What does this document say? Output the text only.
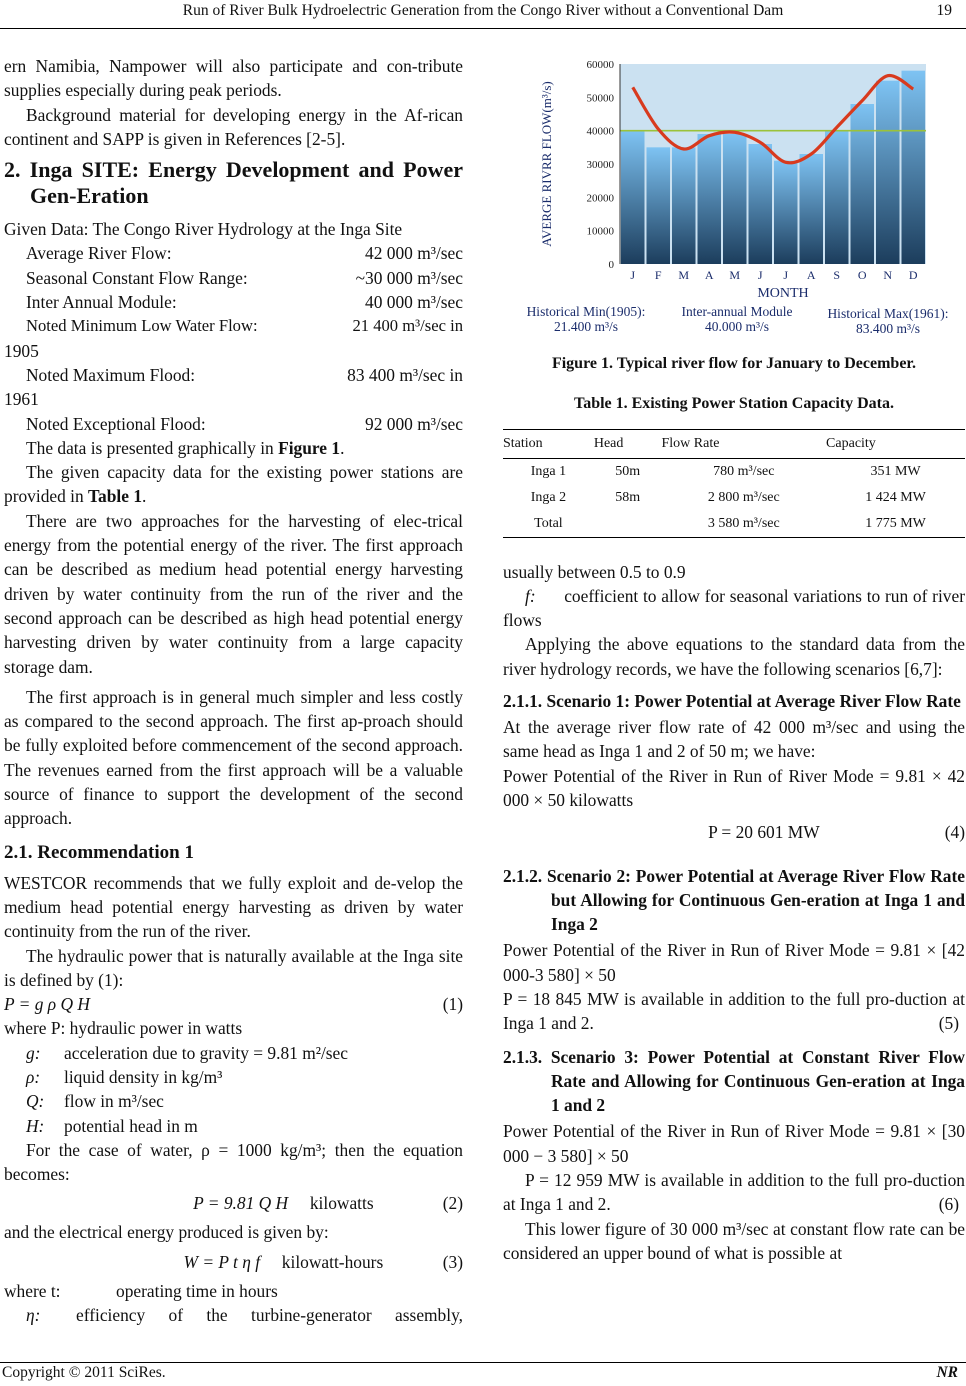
Run of River Bulk Hydroelectric Generation from the Congo River without a Conventional Dam	19

ern Namibia, Nampower will also participate and con-tribute supplies especially during peak periods.

Background material for developing energy in the Af-rican continent and SAPP is given in References [2-5].

2. Inga SITE: Energy Development and Power Gen-Eration

Given Data: The Congo River Hydrology at the Inga Site

Average River Flow:	42 000 m³/sec
Seasonal Constant Flow Range:	~30 000 m³/sec
Inter Annual Module:	40 000 m³/sec
Noted Minimum Low Water Flow:	21 400 m³/sec in

1905

Noted Maximum Flood:	83 400 m³/sec in

1961

Noted Exceptional Flood:	92 000 m³/sec

The data is presented graphically in Figure 1.

The given capacity data for the existing power stations are provided in Table 1.

There are two approaches for the harvesting of elec-trical energy from the potential energy of the river. The first approach can be described as medium head potential energy harvesting driven by water continuity from the run of the river and the second approach can be described as high head potential energy harvesting driven by water continuity from a large capacity storage dam.

The first approach is in general much simpler and less costly as compared to the second approach. The first ap-proach should be fully exploited before commencement of the second approach. The revenues earned from the first approach will be a valuable source of finance to support the development of the second approach.

2.1. Recommendation 1

WESTCOR recommends that we fully exploit and de-velop the medium head potential energy harvesting as driven by water continuity from the run of the river.

The hydraulic power that is naturally available at the Inga site is defined by (1):

P = g ρ Q H	(1)

where P: hydraulic power in watts

g:	acceleration due to gravity = 9.81 m²/sec
ρ:	liquid density in kg/m³
Q:	flow in m³/sec
H:	potential head in m

For the case of water, ρ = 1000 kg/m³; then the equation becomes:

P = 9.81 Q H kilowatts	(2)

and the electrical energy produced is given by:

W = P t η f kilowatt-hours	(3)
where t:	operating time in hours
η:	efficiency of the turbine-generator assembly,
0
10000
20000
30000
40000
50000
60000
J F M A M J J A S O N D
AVERGE RIVRR FLOW(m³/s)
MONTH
Historical Min(1905):
21.400 m³/s
Inter-annual Module
40.000 m³/s
Historical Max(1961):
83.400 m³/s
Figure 1. Typical river flow for January to December.
Table 1. Existing Power Station Capacity Data.
Station	Head	Flow Rate	Capacity
Inga 1	50m	780 m³/sec	351 MW
Inga 2	58m	2 800 m³/sec	1 424 MW
Total		3 580 m³/sec	1 775 MW

usually between 0.5 to 0.9

f: coefficient to allow for seasonal variations to run of river flows

Applying the above equations to the standard data from the river hydrology records, we have the following scenarios [6,7]:

2.1.1. Scenario 1: Power Potential at Average River Flow Rate

At the average river flow rate of 42 000 m³/sec and using the same head as Inga 1 and 2 of 50 m; we have:

Power Potential of the River in Run of River Mode = 9.81 × 42 000 × 50 kilowatts

P = 20 601 MW	(4)
2.1.2. Scenario 2: Power Potential at Average River Flow Rate but Allowing for Continuous Gen-eration at Inga 1 and Inga 2

Power Potential of the River in Run of River Mode = 9.81 × [42 000-3 580] × 50

P = 18 845 MW is available in addition to the full pro-duction at Inga 1 and 2.	(5)

2.1.3. Scenario 3: Power Potential at Constant River Flow Rate and Allowing for Continuous Gen-eration at Inga 1 and 2

Power Potential of the River in Run of River Mode = 9.81 × [30 000 − 3 580] × 50

P = 12 959 MW is available in addition to the full pro-duction at Inga 1 and 2.	(6)

This lower figure of 30 000 m³/sec at constant flow rate can be considered an upper bound of what is possible at

Copyright © 2011 SciRes.	NR
